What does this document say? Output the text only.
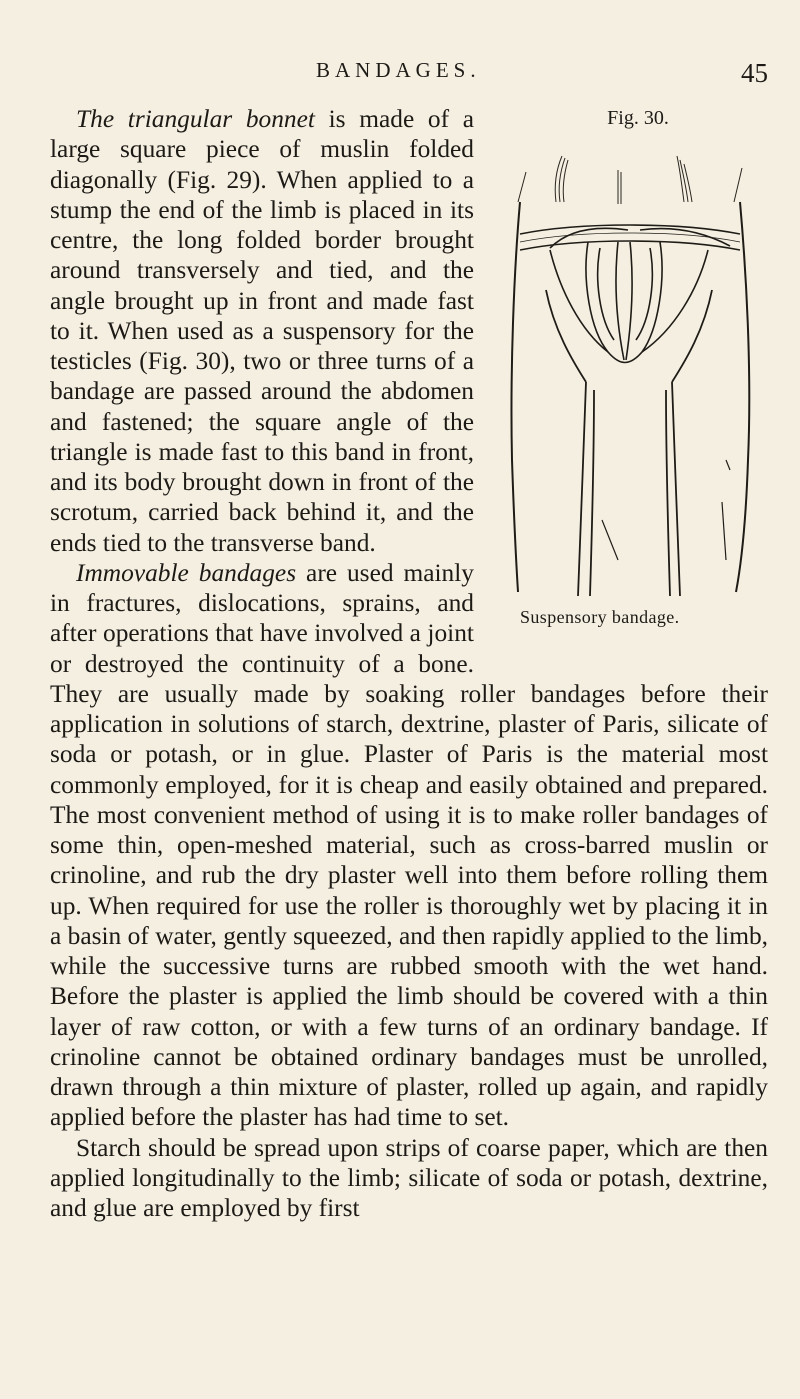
BANDAGES.	45
Fig. 30.
Suspensory bandage.

The triangular bonnet is made of a large square piece of muslin folded diagonally (Fig. 29). When applied to a stump the end of the limb is placed in its centre, the long folded border brought around transversely and tied, and the angle brought up in front and made fast to it. When used as a suspensory for the testicles (Fig. 30), two or three turns of a bandage are passed around the abdomen and fastened; the square angle of the triangle is made fast to this band in front, and its body brought down in front of the scrotum, carried back behind it, and the ends tied to the transverse band.

Immovable bandages are used mainly in fractures, dislocations, sprains, and after operations that have involved a joint or destroyed the continuity of a bone. They are usually made by soaking roller bandages before their application in solutions of starch, dextrine, plaster of Paris, silicate of soda or potash, or in glue. Plaster of Paris is the material most commonly employed, for it is cheap and easily obtained and prepared. The most convenient method of using it is to make roller bandages of some thin, open-meshed material, such as cross-barred muslin or crinoline, and rub the dry plaster well into them before rolling them up. When required for use the roller is thoroughly wet by placing it in a basin of water, gently squeezed, and then rapidly applied to the limb, while the successive turns are rubbed smooth with the wet hand. Before the plaster is applied the limb should be covered with a thin layer of raw cotton, or with a few turns of an ordinary bandage. If crinoline cannot be obtained ordinary bandages must be unrolled, drawn through a thin mixture of plaster, rolled up again, and rapidly applied before the plaster has had time to set.

Starch should be spread upon strips of coarse paper, which are then applied longitudinally to the limb; silicate of soda or potash, dextrine, and glue are employed by first
